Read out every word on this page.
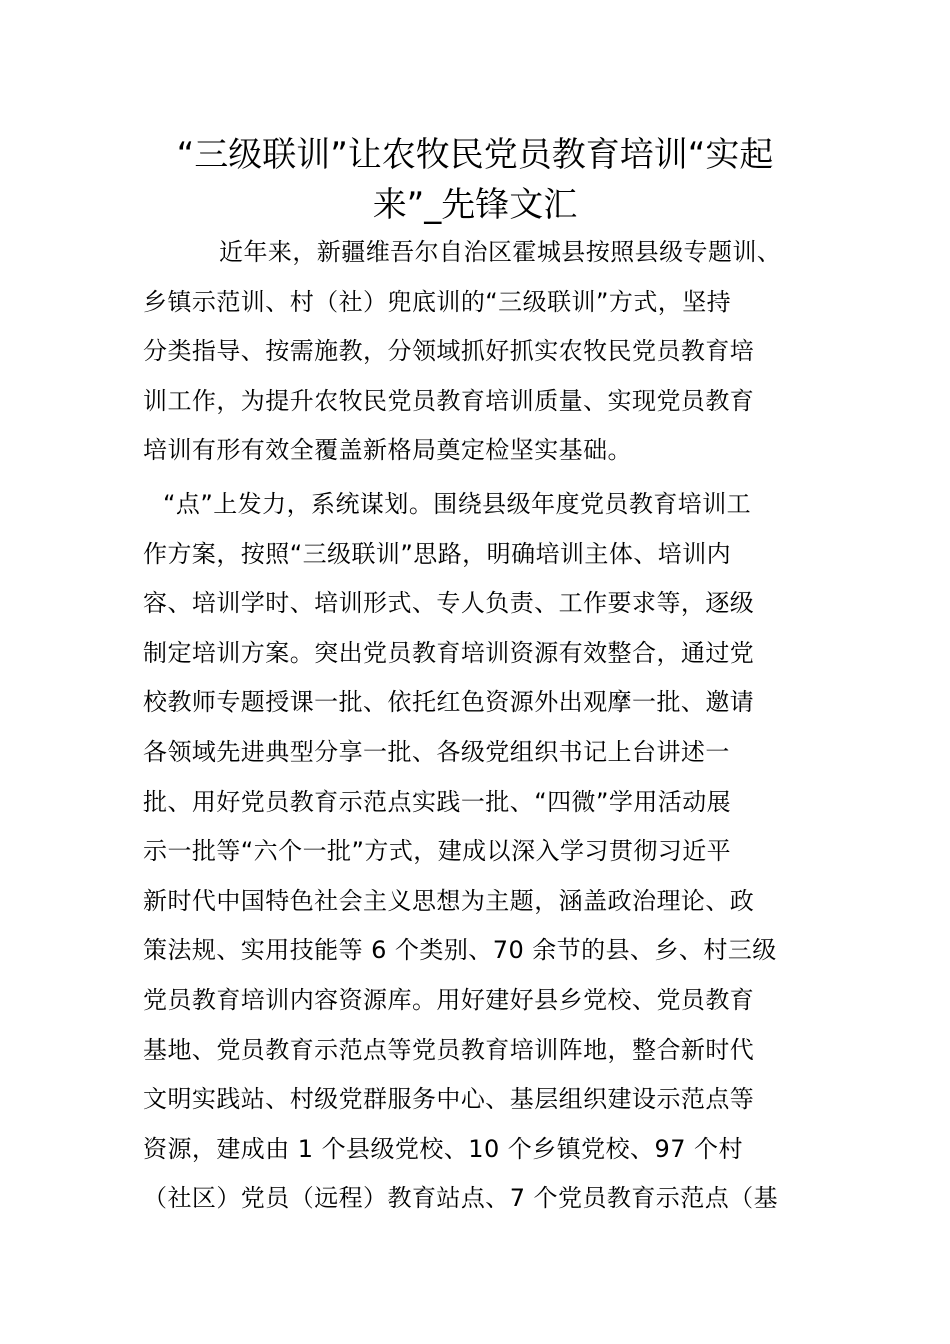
“三级联训”让农牧民党员教育培训“实起
来”_先锋文汇
近年来，新疆维吾尔自治区霍城县按照县级专题训、
乡镇示范训、村（社）兜底训的“三级联训”方式，坚持
分类指导、按需施教，分领域抓好抓实农牧民党员教育培
训工作，为提升农牧民党员教育培训质量、实现党员教育
培训有形有效全覆盖新格局奠定检坚实基础。
“点”上发力，系统谋划。围绕县级年度党员教育培训工
作方案，按照“三级联训”思路，明确培训主体、培训内
容、培训学时、培训形式、专人负责、工作要求等，逐级
制定培训方案。突出党员教育培训资源有效整合，通过党
校教师专题授课一批、依托红色资源外出观摩一批、邀请
各领域先进典型分享一批、各级党组织书记上台讲述一
批、用好党员教育示范点实践一批、“四微”学用活动展
示一批等“六个一批”方式，建成以深入学习贯彻习近平
新时代中国特色社会主义思想为主题，涵盖政治理论、政
策法规、实用技能等 6 个类别、70 余节的县、乡、村三级
党员教育培训内容资源库。用好建好县乡党校、党员教育
基地、党员教育示范点等党员教育培训阵地，整合新时代
文明实践站、村级党群服务中心、基层组织建设示范点等
资源，建成由 1 个县级党校、10 个乡镇党校、97 个村
（社区）党员（远程）教育站点、7 个党员教育示范点（基
